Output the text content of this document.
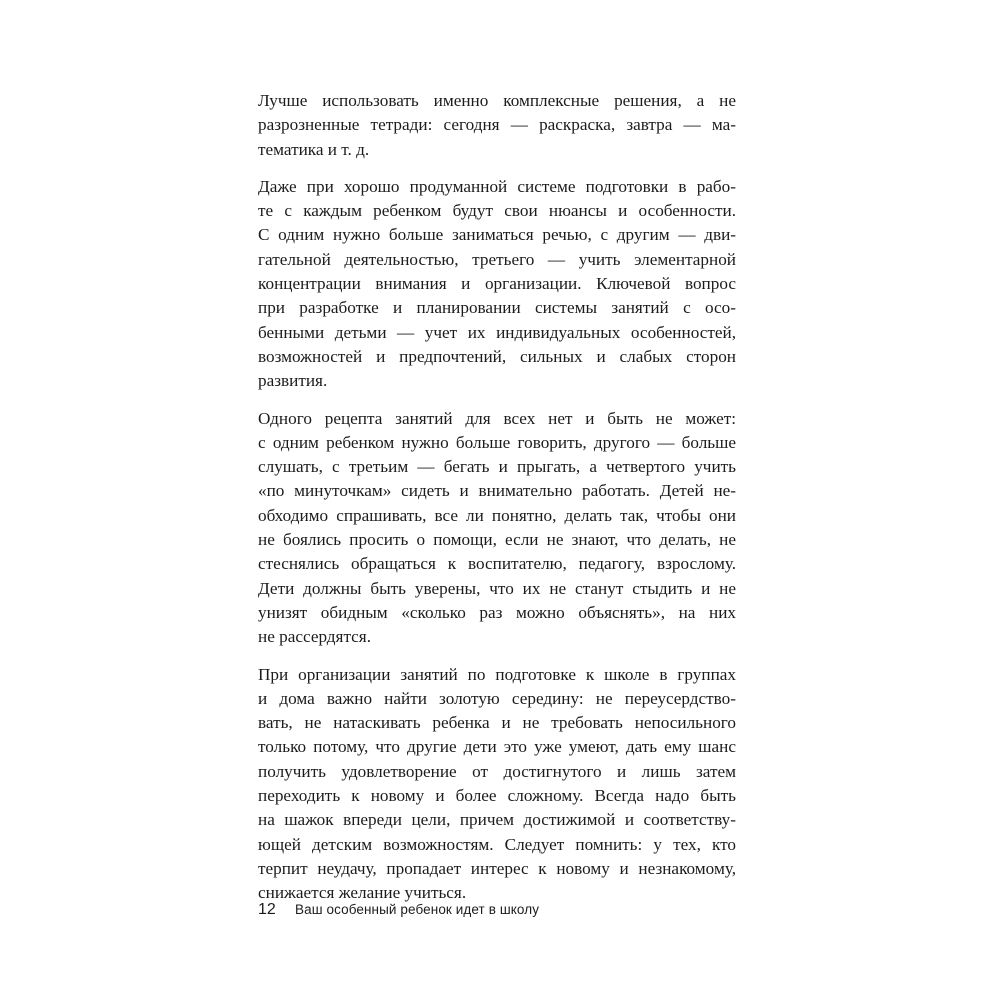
Лучше использовать именно комплексные решения, а не
разрозненные тетради: сегодня — раскраска, завтра — ма-
тематика и т. д.

Даже при хорошо продуманной системе подготовки в рабо-
те с каждым ребенком будут свои нюансы и особенности.
С одним нужно больше заниматься речью, с другим — дви-
гательной деятельностью, третьего — учить элементарной
концентрации внимания и организации. Ключевой вопрос
при разработке и планировании системы занятий с осо-
бенными детьми — учет их индивидуальных особенностей,
возможностей и предпочтений, сильных и слабых сторон
развития.

Одного рецепта занятий для всех нет и быть не может:
с одним ребенком нужно больше говорить, другого — больше
слушать, с третьим — бегать и прыгать, а четвертого учить
«по минуточкам» сидеть и внимательно работать. Детей не-
обходимо спрашивать, все ли понятно, делать так, чтобы они
не боялись просить о помощи, если не знают, что делать, не
стеснялись обращаться к воспитателю, педагогу, взрослому.
Дети должны быть уверены, что их не станут стыдить и не
унизят обидным «сколько раз можно объяснять», на них
не рассердятся.

При организации занятий по подготовке к школе в группах
и дома важно найти золотую середину: не переусердство-
вать, не натаскивать ребенка и не требовать непосильного
только потому, что другие дети это уже умеют, дать ему шанс
получить удовлетворение от достигнутого и лишь затем
переходить к новому и более сложному. Всегда надо быть
на шажок впереди цели, причем достижимой и соответству-
ющей детским возможностям. Следует помнить: у тех, кто
терпит неудачу, пропадает интерес к новому и незнакомому,
снижается желание учиться.

12	Ваш особенный ребенок идет в школу
